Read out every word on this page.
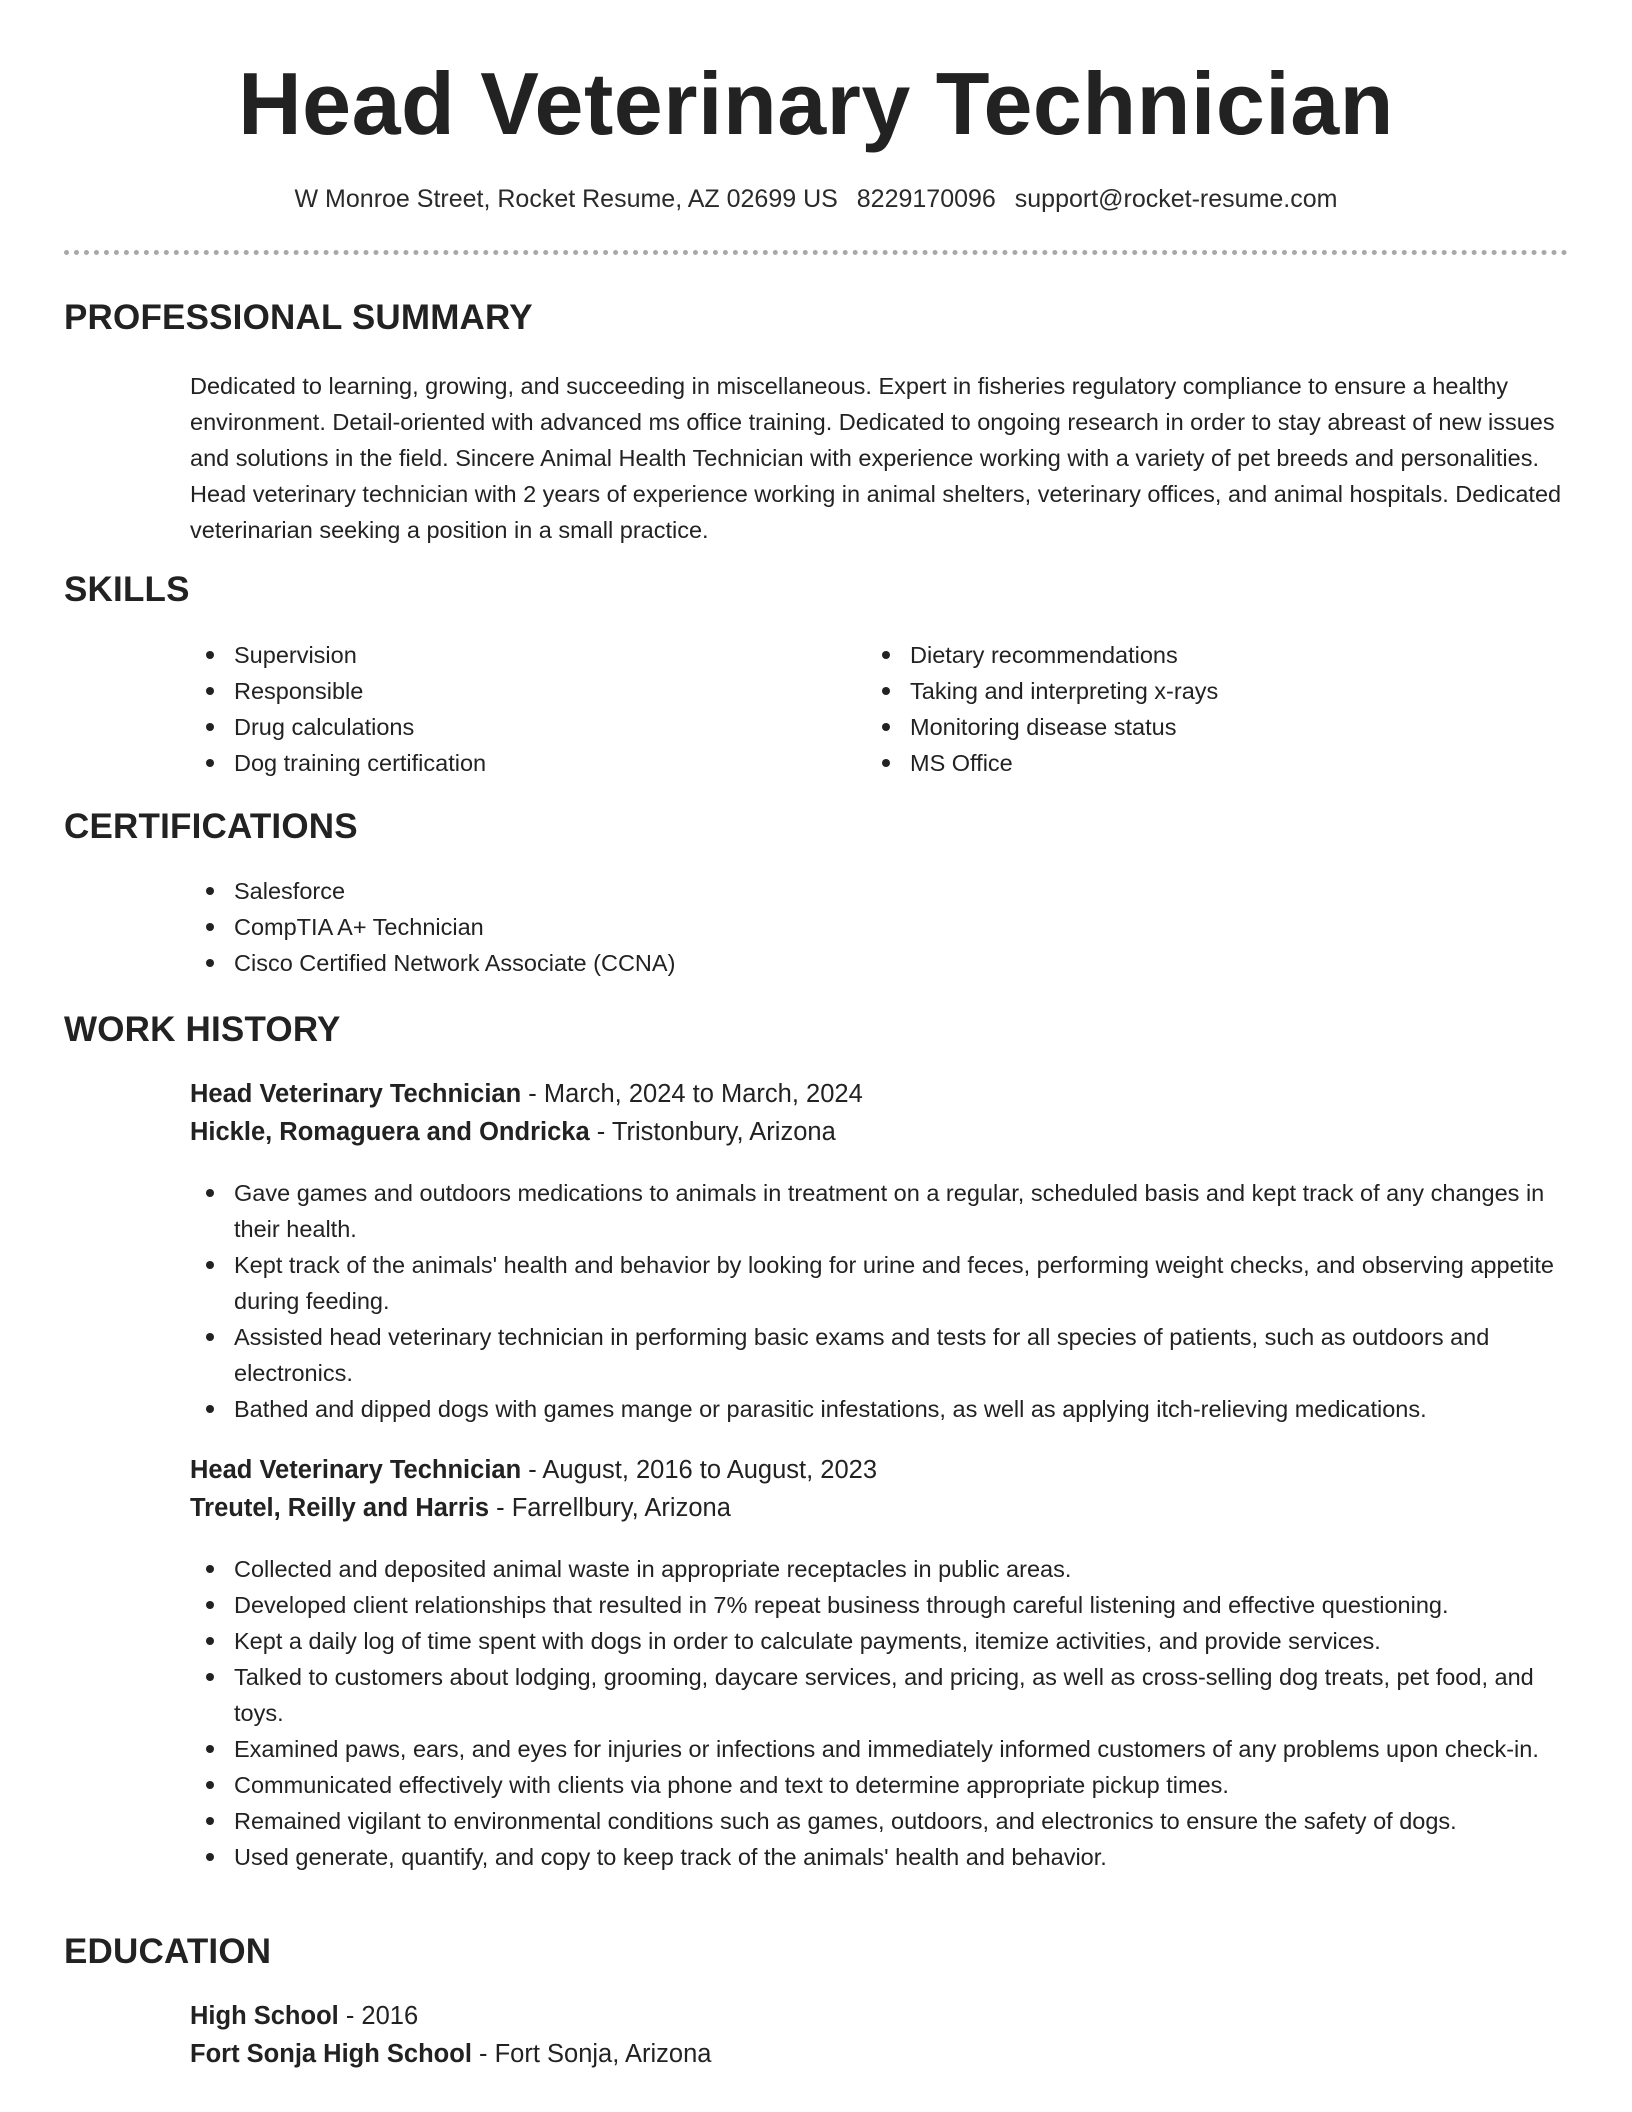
Head Veterinary Technician
W Monroe Street, Rocket Resume, AZ 02699 US 8229170096 support@rocket-resume.com
PROFESSIONAL SUMMARY

Dedicated to learning, growing, and succeeding in miscellaneous. Expert in fisheries regulatory compliance to ensure a healthy environment. Detail-oriented with advanced ms office training. Dedicated to ongoing research in order to stay abreast of new issues and solutions in the field. Sincere Animal Health Technician with experience working with a variety of pet breeds and personalities. Head veterinary technician with 2 years of experience working in animal shelters, veterinary offices, and animal hospitals. Dedicated veterinarian seeking a position in a small practice.

SKILLS
Supervision
Responsible
Drug calculations
Dog training certification
Dietary recommendations
Taking and interpreting x-rays
Monitoring disease status
MS Office
CERTIFICATIONS
Salesforce
CompTIA A+ Technician
Cisco Certified Network Associate (CCNA)
WORK HISTORY
Head Veterinary Technician - March, 2024 to March, 2024
Hickle, Romaguera and Ondricka - Tristonbury, Arizona
Gave games and outdoors medications to animals in treatment on a regular, scheduled basis and kept track of any changes in their health.
Kept track of the animals' health and behavior by looking for urine and feces, performing weight checks, and observing appetite during feeding.
Assisted head veterinary technician in performing basic exams and tests for all species of patients, such as outdoors and electronics.
Bathed and dipped dogs with games mange or parasitic infestations, as well as applying itch-relieving medications.
Head Veterinary Technician - August, 2016 to August, 2023
Treutel, Reilly and Harris - Farrellbury, Arizona
Collected and deposited animal waste in appropriate receptacles in public areas.
Developed client relationships that resulted in 7% repeat business through careful listening and effective questioning.
Kept a daily log of time spent with dogs in order to calculate payments, itemize activities, and provide services.
Talked to customers about lodging, grooming, daycare services, and pricing, as well as cross-selling dog treats, pet food, and toys.
Examined paws, ears, and eyes for injuries or infections and immediately informed customers of any problems upon check-in.
Communicated effectively with clients via phone and text to determine appropriate pickup times.
Remained vigilant to environmental conditions such as games, outdoors, and electronics to ensure the safety of dogs.
Used generate, quantify, and copy to keep track of the animals' health and behavior.
EDUCATION
High School - 2016
Fort Sonja High School - Fort Sonja, Arizona
